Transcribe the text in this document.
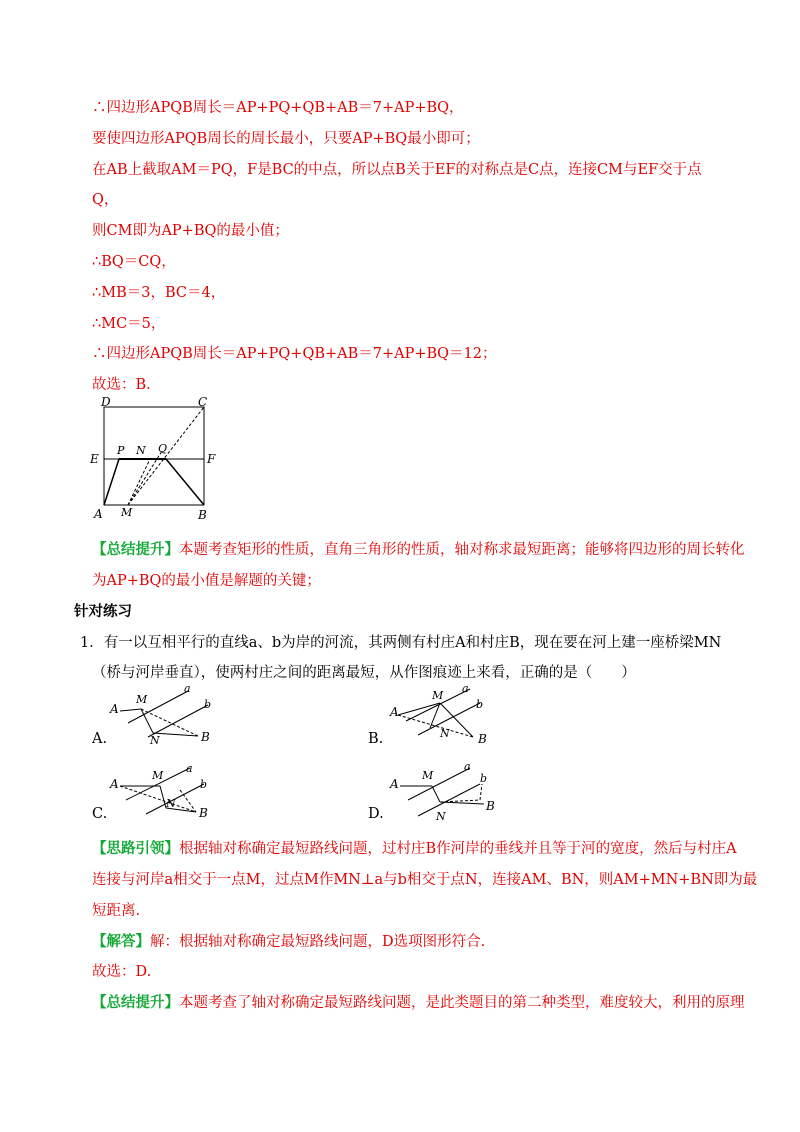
∴四边形APQB周长＝AP+PQ+QB+AB＝7+AP+BQ，
要使四边形APQB周长的周长最小，只要AP+BQ最小即可；
在AB上截取AM＝PQ，F是BC的中点，所以点B关于EF的对称点是C点，连接CM与EF交于点
Q，
则CM即为AP+BQ的最小值；
∴BQ＝CQ，
∴MB＝3，BC＝4，
∴MC＝5，
∴四边形APQB周长＝AP+PQ+QB+AB＝7+AP+BQ＝12；
故选：B.
D	C
E	F
P N Q
A M	B
【总结提升】本题考查矩形的性质，直角三角形的性质，轴对称求最短距离；能够将四边形的周长转化
为AP+BQ的最小值是解题的关键；
针对练习
1．有一以互相平行的直线a、b为岸的河流，其两侧有村庄A和村庄B，现在要在河上建一座桥梁MN
（桥与河岸垂直），使两村庄之间的距离最短，从作图痕迹上来看，正确的是（　　）
A.
A
M
a
b
N	B	B.
A
M
a
b
N B
C.
A
M
a
b
N
B	D.
A
M
a
b
N
B
【思路引领】根据轴对称确定最短路线问题，过村庄B作河岸的垂线并且等于河的宽度，然后与村庄A
连接与河岸a相交于一点M，过点M作MN⊥a与b相交于点N，连接AM、BN，则AM+MN+BN即为最
短距离.
【解答】解：根据轴对称确定最短路线问题，D选项图形符合.
故选：D.
【总结提升】本题考查了轴对称确定最短路线问题，是此类题目的第二种类型，难度较大，利用的原理
